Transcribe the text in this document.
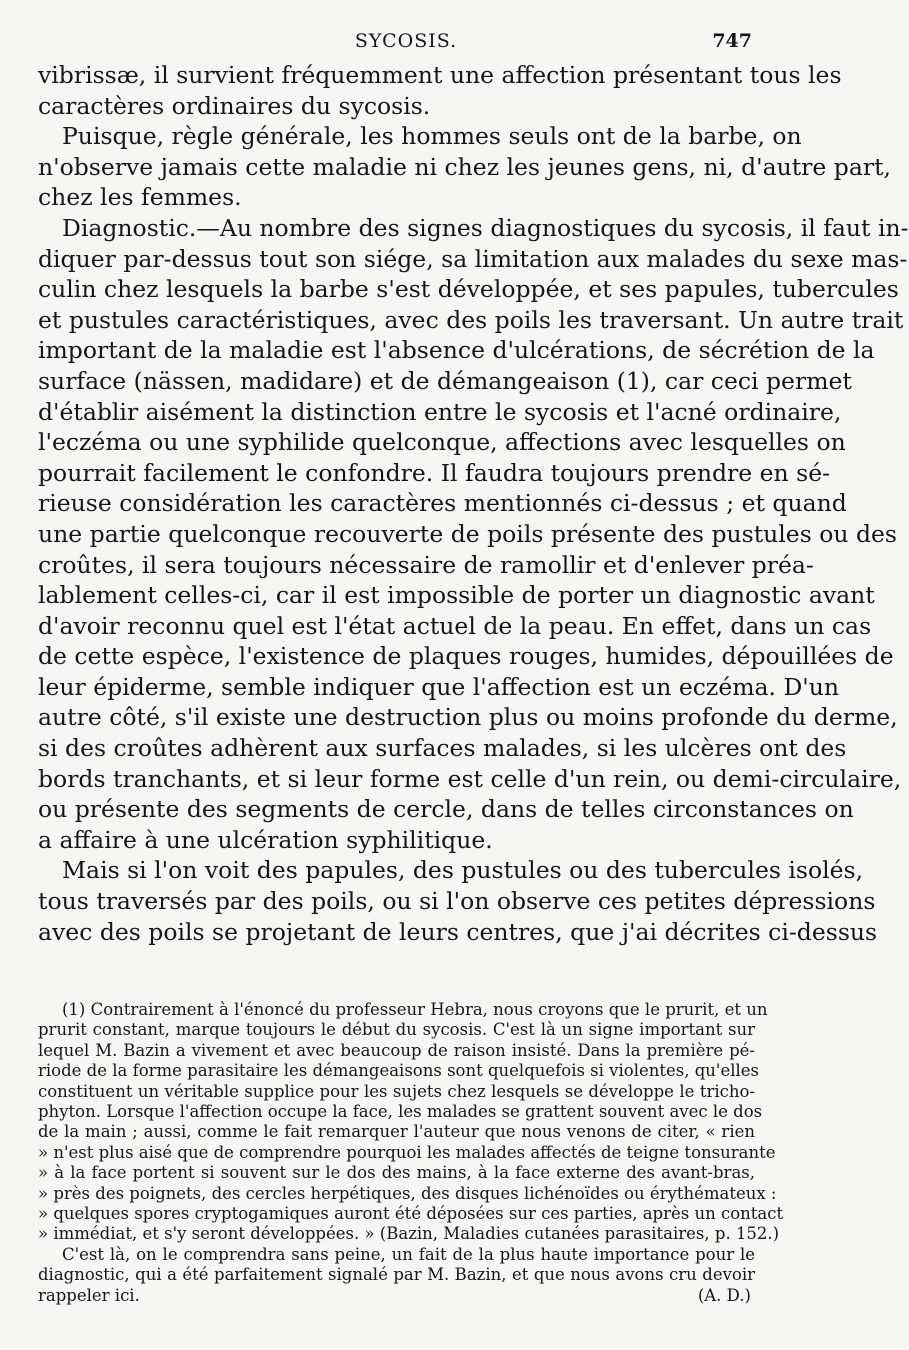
SYCOSIS.	747
vibrissæ, il survient fréquemment une affection présentant tous les
caractères ordinaires du sycosis.
Puisque, règle générale, les hommes seuls ont de la barbe, on
n'observe jamais cette maladie ni chez les jeunes gens, ni, d'autre part,
chez les femmes.
Diagnostic.—Au nombre des signes diagnostiques du sycosis, il faut in-
diquer par-dessus tout son siége, sa limitation aux malades du sexe mas-
culin chez lesquels la barbe s'est développée, et ses papules, tubercules
et pustules caractéristiques, avec des poils les traversant. Un autre trait
important de la maladie est l'absence d'ulcérations, de sécrétion de la
surface (nässen, madidare) et de démangeaison (1), car ceci permet
d'établir aisément la distinction entre le sycosis et l'acné ordinaire,
l'eczéma ou une syphilide quelconque, affections avec lesquelles on
pourrait facilement le confondre. Il faudra toujours prendre en sé-
rieuse considération les caractères mentionnés ci-dessus ; et quand
une partie quelconque recouverte de poils présente des pustules ou des
croûtes, il sera toujours nécessaire de ramollir et d'enlever préa-
lablement celles-ci, car il est impossible de porter un diagnostic avant
d'avoir reconnu quel est l'état actuel de la peau. En effet, dans un cas
de cette espèce, l'existence de plaques rouges, humides, dépouillées de
leur épiderme, semble indiquer que l'affection est un eczéma. D'un
autre côté, s'il existe une destruction plus ou moins profonde du derme,
si des croûtes adhèrent aux surfaces malades, si les ulcères ont des
bords tranchants, et si leur forme est celle d'un rein, ou demi-circulaire,
ou présente des segments de cercle, dans de telles circonstances on
a affaire à une ulcération syphilitique.
Mais si l'on voit des papules, des pustules ou des tubercules isolés,
tous traversés par des poils, ou si l'on observe ces petites dépressions
avec des poils se projetant de leurs centres, que j'ai décrites ci-dessus
(1) Contrairement à l'énoncé du professeur Hebra, nous croyons que le prurit, et un
prurit constant, marque toujours le début du sycosis. C'est là un signe important sur
lequel M. Bazin a vivement et avec beaucoup de raison insisté. Dans la première pé-
riode de la forme parasitaire les démangeaisons sont quelquefois si violentes, qu'elles
constituent un véritable supplice pour les sujets chez lesquels se développe le tricho-
phyton. Lorsque l'affection occupe la face, les malades se grattent souvent avec le dos
de la main ; aussi, comme le fait remarquer l'auteur que nous venons de citer, « rien
» n'est plus aisé que de comprendre pourquoi les malades affectés de teigne tonsurante
» à la face portent si souvent sur le dos des mains, à la face externe des avant-bras,
» près des poignets, des cercles herpétiques, des disques lichénoïdes ou érythémateux :
» quelques spores cryptogamiques auront été déposées sur ces parties, après un contact
» immédiat, et s'y seront développées. » (Bazin, Maladies cutanées parasitaires, p. 152.)
C'est là, on le comprendra sans peine, un fait de la plus haute importance pour le
diagnostic, qui a été parfaitement signalé par M. Bazin, et que nous avons cru devoir
rappeler ici.	(A. D.)
